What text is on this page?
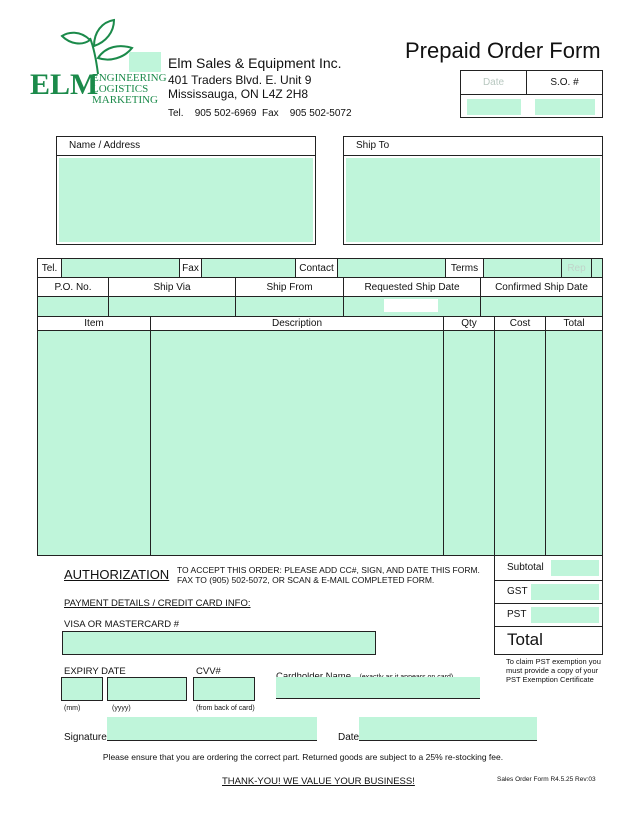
ELM
ENGINEERING
LOGISTICS
MARKETING
Elm Sales & Equipment Inc.
401 Traders Blvd. E. Unit 9
Mississauga, ON L4Z 2H8
Tel. 905 502-6969 Fax 905 502-5072
Prepaid Order Form
Date	S.O. #
Name / Address	Ship To
Tel.	Fax	Contact	Terms	Rep
P.O. No.	Ship Via	Ship From	Requested Ship Date	Confirmed Ship Date
Item	Description	Qty	Cost	Total
Subtotal
GST
PST
Total
To claim PST exemption you must provide a copy of your PST Exemption Certificate
AUTHORIZATION TO ACCEPT THIS ORDER: PLEASE ADD CC#, SIGN, AND DATE THIS FORM.
FAX TO (905) 502-5072, OR SCAN & E-MAIL COMPLETED FORM.
PAYMENT DETAILS / CREDIT CARD INFO:
VISA OR MASTERCARD #
EXPIRY DATE	CVV#
(mm)	(yyyy)	(from back of card)
Signature	Date
Please ensure that you are ordering the correct part. Returned goods are subject to a 25% re-stocking fee.
THANK-YOU! WE VALUE YOUR BUSINESS!	Sales Order Form R4.5.25 Rev:03
